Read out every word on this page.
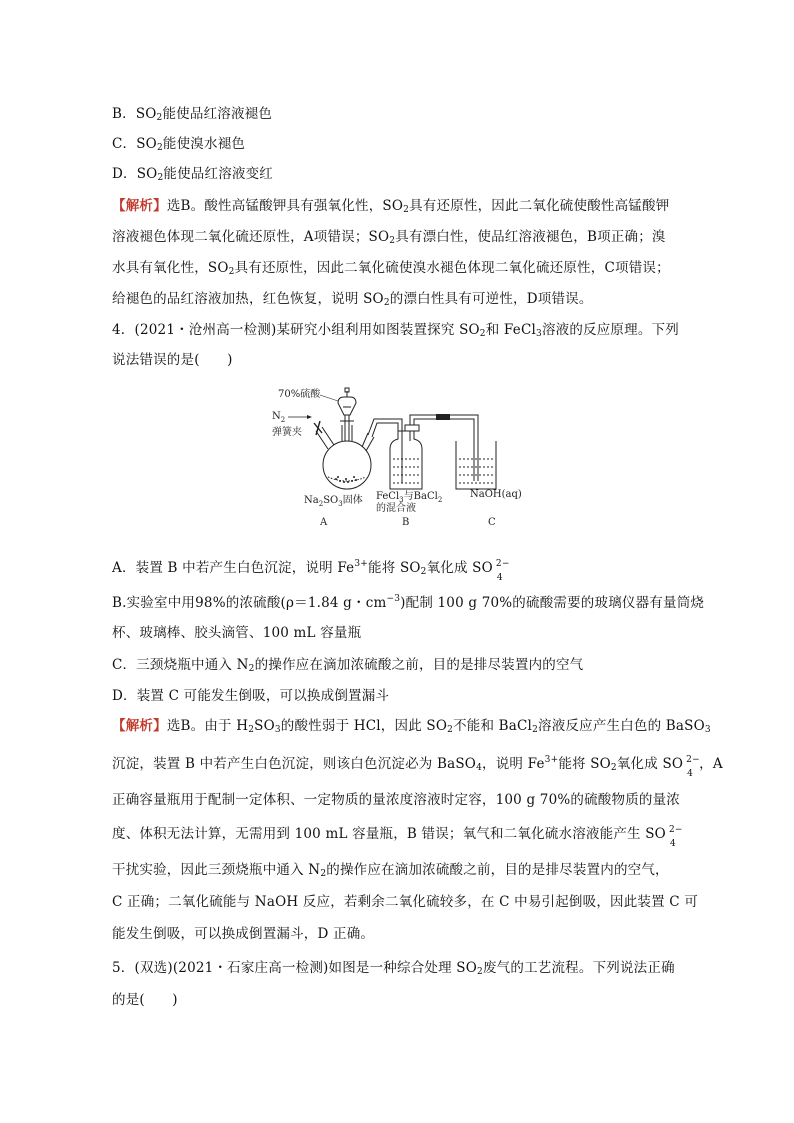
B．$SO_2$能使品红溶液褪色
C．$SO_2$能使溴水褪色
D．$SO_2$能使品红溶液变红
【解析】选B。酸性高锰酸钾具有强氧化性，$SO_2$具有还原性，因此二氧化硫使酸性高锰酸钾
溶液褪色体现二氧化硫还原性，A项错误；$SO_2$具有漂白性，使品红溶液褪色，B项正确；溴
水具有氧化性，$SO_2$具有还原性，因此二氧化硫使溴水褪色体现二氧化硫还原性，C项错误；
给褪色的品红溶液加热，红色恢复，说明 $SO_2$的漂白性具有可逆性，D项错误。
4．(2021・沧州高一检测)某研究小组利用如图装置探究 $SO_2$和 FeCl$_3$溶液的反应原理。下列
说法错误的是(　　)
70%硫酸
$N_2$
弹簧夹
$Na_2SO_3$固体 FeCl$_3$与BaCl$_2$
的混合液
NaOH(aq)
A	B	C
A．装置 B 中若产生白色沉淀，说明 $Fe^{3+}$能将 $SO_2$氧化成 SO 2−
4
B.实验室中用98%的浓硫酸(ρ＝1.84 g・$cm^{-3}$)配制 100 g 70%的硫酸需要的玻璃仪器有量筒烧
杯、玻璃棒、胶头滴管、100 mL 容量瓶
C．三颈烧瓶中通入 $N_2$的操作应在滴加浓硫酸之前，目的是排尽装置内的空气
D．装置 C 可能发生倒吸，可以换成倒置漏斗
【解析】选B。由于 $H_2SO_3$的酸性弱于 HCl，因此 $SO_2$不能和 BaCl$_2$溶液反应产生白色的 BaSO$_3$
沉淀，装置 B 中若产生白色沉淀，则该白色沉淀必为 BaSO$_4$，说明 $Fe^{3+}$能将 $SO_2$氧化成 SO 2−
4
，A
正确容量瓶用于配制一定体积、一定物质的量浓度溶液时定容，100 g 70%的硫酸物质的量浓
度、体积无法计算，无需用到 100 mL 容量瓶，B 错误；氧气和二氧化硫水溶液能产生 SO 2−
4
干扰实验，因此三颈烧瓶中通入 $N_2$的操作应在滴加浓硫酸之前，目的是排尽装置内的空气，
C 正确；二氧化硫能与 NaOH 反应，若剩余二氧化硫较多，在 C 中易引起倒吸，因此装置 C 可
能发生倒吸，可以换成倒置漏斗，D 正确。
5．(双选)(2021・石家庄高一检测)如图是一种综合处理 $SO_2$废气的工艺流程。下列说法正确
的是(　　)
